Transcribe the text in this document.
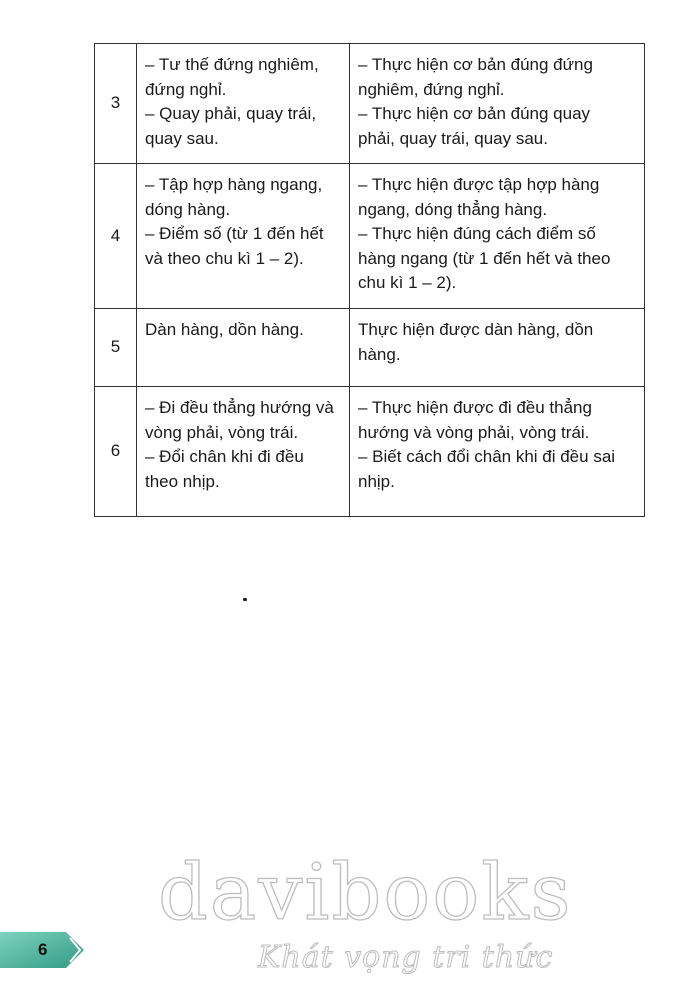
3	– Tư thế đứng nghiêm,
đứng nghỉ.
– Quay phải, quay trái,
quay sau.	– Thực hiện cơ bản đúng đứng
nghiêm, đứng nghỉ.
– Thực hiện cơ bản đúng quay
phải, quay trái, quay sau.

4	– Tập hợp hàng ngang,
dóng hàng.
– Điểm số (từ 1 đến hết
và theo chu kì 1 – 2).	– Thực hiện được tập hợp hàng
ngang, dóng thẳng hàng.
– Thực hiện đúng cách điểm số
hàng ngang (từ 1 đến hết và theo
chu kì 1 – 2).

5	Dàn hàng, dồn hàng.	Thực hiện được dàn hàng, dồn
hàng.

6	– Đi đều thẳng hướng và
vòng phải, vòng trái.
– Đổi chân khi đi đều
theo nhịp.	– Thực hiện được đi đều thẳng
hướng và vòng phải, vòng trái.
– Biết cách đổi chân khi đi đều sai
nhịp.
davibooks
Khát vọng tri thức
6
